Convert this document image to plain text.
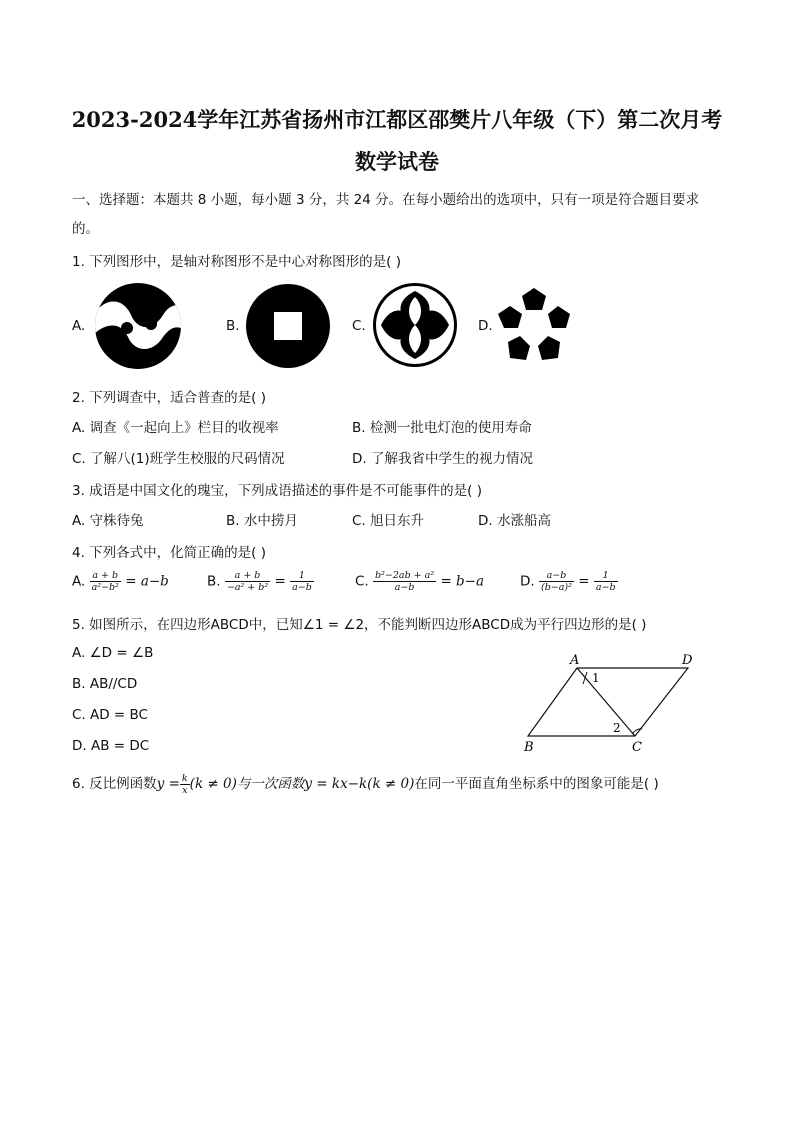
2023-2024学年江苏省扬州市江都区邵樊片八年级（下）第二次月考
数学试卷
一、选择题：本题共 8 小题，每小题 3 分，共 24 分。在每小题给出的选项中，只有一项是符合题目要求
的。
1. 下列图形中，是轴对称图形不是中心对称图形的是( )
A.	B.	C.	D.
2. 下列调查中，适合普查的是( )
A. 调查《一起向上》栏目的收视率	B. 检测一批电灯泡的使用寿命
C. 了解八(1)班学生校服的尺码情况	D. 了解我省中学生的视力情况
3. 成语是中国文化的瑰宝，下列成语描述的事件是不可能事件的是( )
A. 守株待兔	B. 水中捞月	C. 旭日东升	D. 水涨船高
4. 下列各式中，化简正确的是( )
A. $\frac{a + b}{\text{a²−b²}} = a-b$	B. $\frac{a + b}{\text{−a² + b²}} = \frac{1}{a-b}$	C. $\frac{\text{b²−2ab + a²}}{a-b} = b-a$	D. $\frac{a-b}{\text{(b−a)²}} = \frac{1}{a-b}$
5. 如图所示，在四边形ABCD中，已知∠1 = ∠2，不能判断四边形ABCD成为平行四边形的是( )
A. ∠D = ∠B
B. AB//CD
C. AD = BC
D. AB = DC
A	D
B	C
1
2
6. 反比例函数$y = \frac{k}{x} (k \ne 0)$与一次函数y = kx−k(k ≠ 0)在同一平面直角坐标系中的图象可能是( )
